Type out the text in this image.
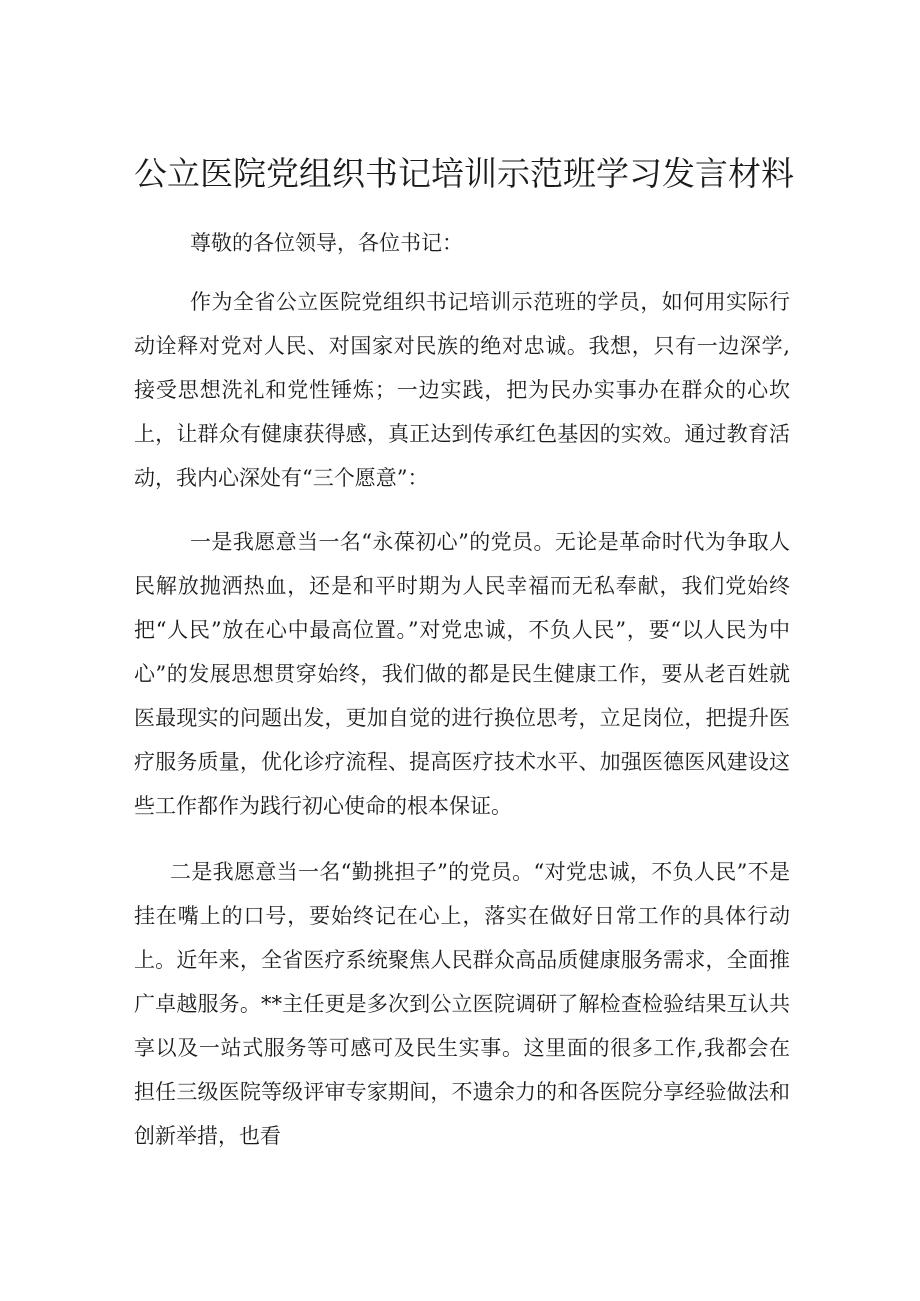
公立医院党组织书记培训示范班学习发言材料

尊敬的各位领导，各位书记：

作为全省公立医院党组织书记培训示范班的学员，如何用实际行动诠释对党对人民、对国家对民族的绝对忠诚。我想，只有一边深学,接受思想洗礼和党性锤炼；一边实践，把为民办实事办在群众的心坎上，让群众有健康获得感，真正达到传承红色基因的实效。通过教育活动，我内心深处有“三个愿意”：

一是我愿意当一名“永葆初心”的党员。无论是革命时代为争取人民解放抛洒热血，还是和平时期为人民幸福而无私奉献，我们党始终把“人民”放在心中最高位置。”对党忠诚，不负人民”，要“以人民为中心”的发展思想贯穿始终，我们做的都是民生健康工作，要从老百姓就医最现实的问题出发，更加自觉的进行换位思考，立足岗位，把提升医疗服务质量，优化诊疗流程、提高医疗技术水平、加强医德医风建设这些工作都作为践行初心使命的根本保证。

二是我愿意当一名“勤挑担子”的党员。“对党忠诚，不负人民”不是挂在嘴上的口号，要始终记在心上，落实在做好日常工作的具体行动上。近年来，全省医疗系统聚焦人民群众高品质健康服务需求，全面推广卓越服务。**主任更是多次到公立医院调研了解检查检验结果互认共享以及一站式服务等可感可及民生实事。这里面的很多工作,我都会在担任三级医院等级评审专家期间，不遗余力的和各医院分享经验做法和创新举措，也看
